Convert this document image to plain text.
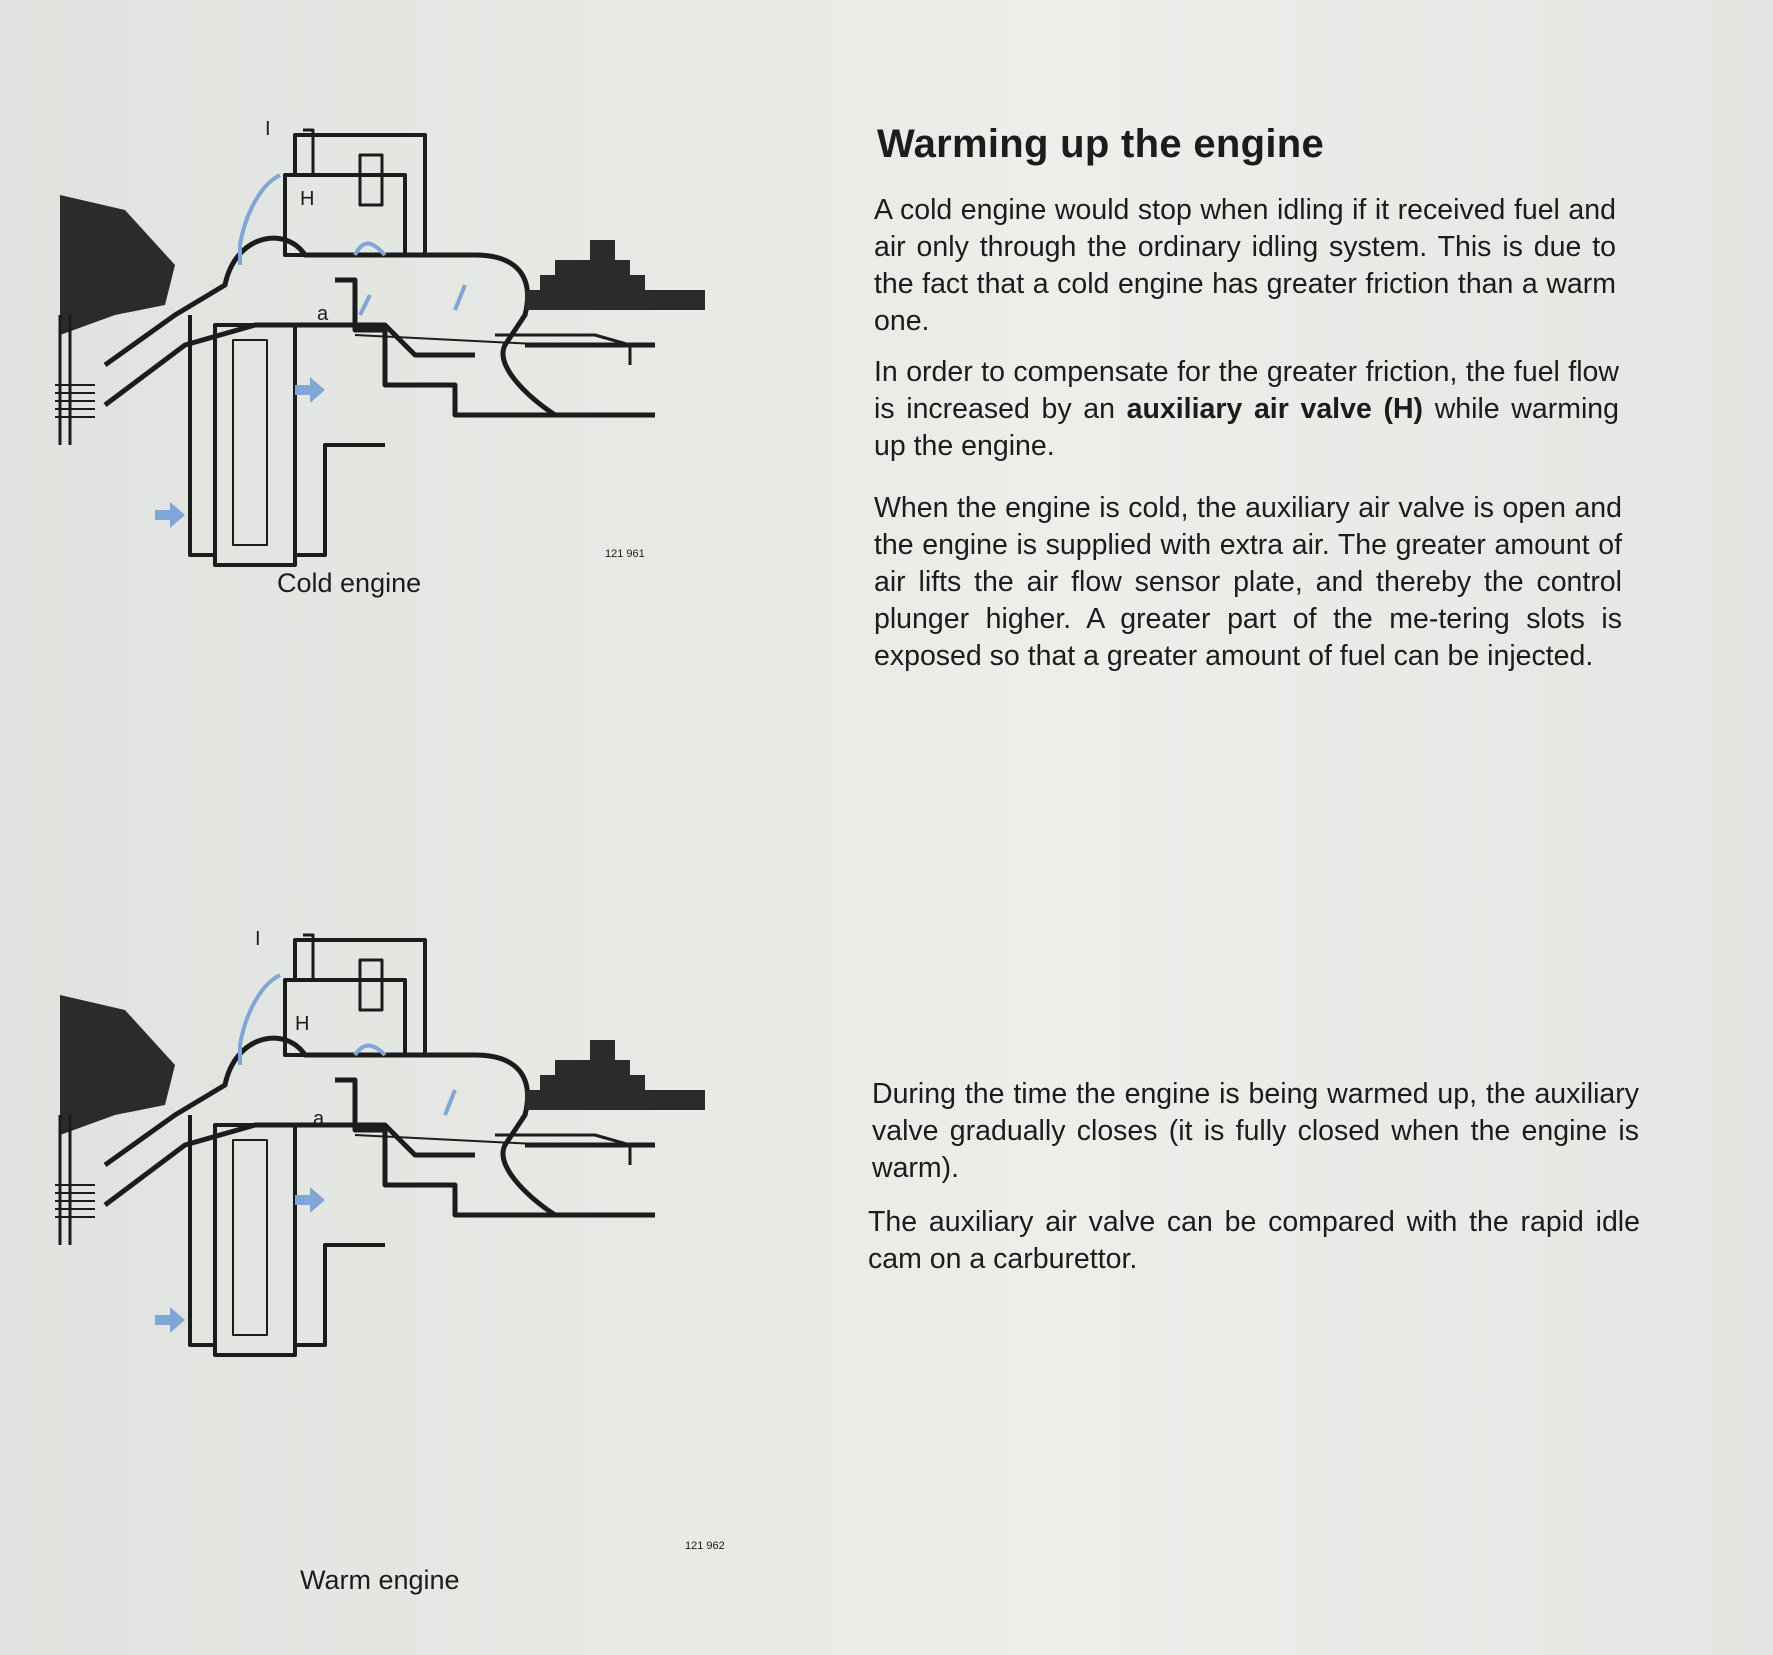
I
H
a
121 961
Cold engine
I
H
a
121 962
Warm engine
Warming up the engine

A cold engine would stop when idling if it received fuel and air only through the ordinary idling system. This is due to the fact that a cold engine has greater friction than a warm one.

In order to compensate for the greater friction, the fuel flow is increased by an auxiliary air valve (H) while warming up the engine.

When the engine is cold, the auxiliary air valve is open and the engine is supplied with extra air. The greater amount of air lifts the air flow sensor plate, and thereby the control plunger higher. A greater part of the me-tering slots is exposed so that a greater amount of fuel can be injected.

During the time the engine is being warmed up, the auxiliary valve gradually closes (it is fully closed when the engine is warm).

The auxiliary air valve can be compared with the rapid idle cam on a carburettor.
